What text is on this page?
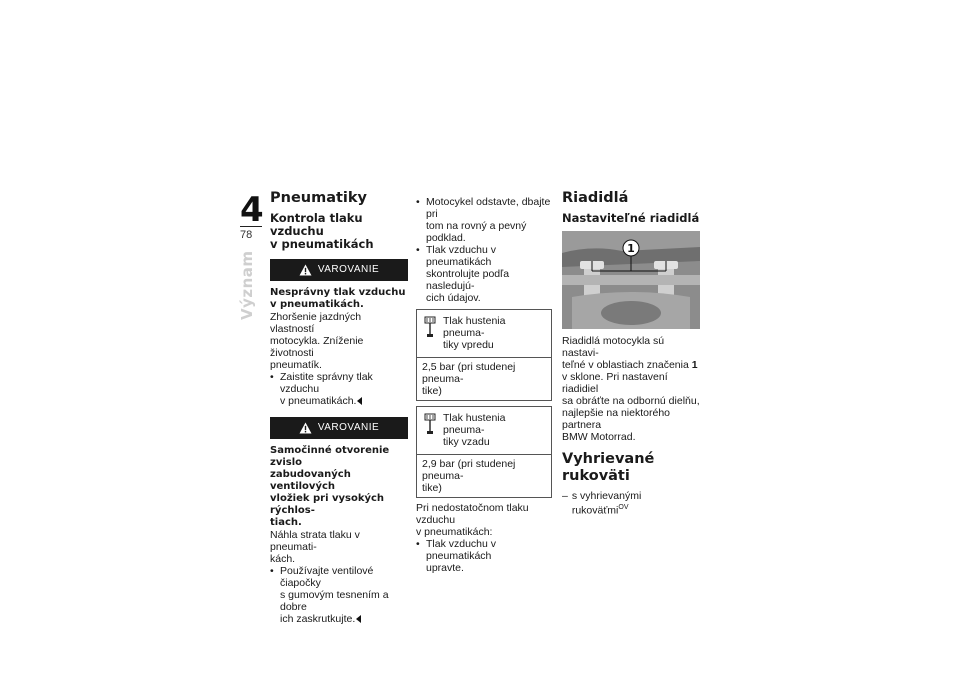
4
78
Význam
Pneumatiky
Kontrola tlaku vzduchu
v pneumatikách
VAROVANIE

Nesprávny tlak vzduchu
v pneumatikách.

Zhoršenie jazdných vlastností
motocykla. Zníženie životnosti
pneumatík.

• Zaistite správny tlak vzduchu
v pneumatikách.
VAROVANIE

Samočinné otvorenie zvislo
zabudovaných ventilových
vložiek pri vysokých rýchlos-
tiach.

Náhla strata tlaku v pneumati-
kách.

• Používajte ventilové čiapočky
s gumovým tesnením a dobre
ich zaskrutkujte.
• Motocykel odstavte, dbajte pri
tom na rovný a pevný podklad.
• Tlak vzduchu v pneumatikách
skontrolujte podľa nasledujú-
cich údajov.
Tlak hustenia pneuma-
tiky vpredu
2,5 bar (pri studenej pneuma-
tike)
Tlak hustenia pneuma-
tiky vzadu
2,9 bar (pri studenej pneuma-
tike)

Pri nedostatočnom tlaku vzduchu
v pneumatikách:

• Tlak vzduchu v pneumatikách
upravte.
Riadidlá
Nastaviteľné riadidlá
1

Riadidlá motocykla sú nastavi-
teľné v oblastiach značenia 1
v sklone. Pri nastavení riadidiel
sa obráťte na odbornú dielňu,
najlepšie na niektorého partnera
BMW Motorrad.

Vyhrievané rukoväti
– s vyhrievanými rukoväťmi$^{OV}$
